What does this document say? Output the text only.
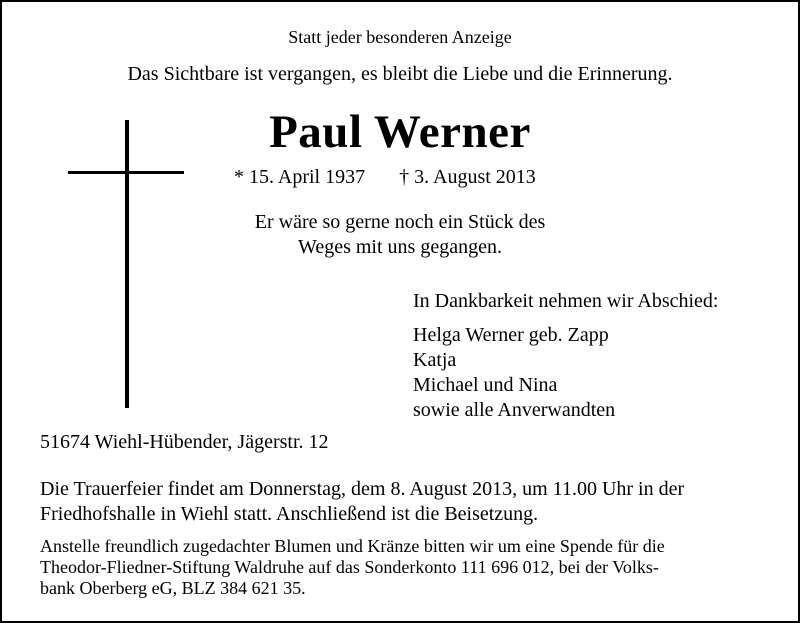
Statt jeder besonderen Anzeige
Das Sichtbare ist vergangen, es bleibt die Liebe und die Erinnerung.
Paul Werner
* 15. April 1937 † 3. August 2013
Er wäre so gerne noch ein Stück des
Weges mit uns gegangen.
In Dankbarkeit nehmen wir Abschied:
Helga Werner geb. Zapp
Katja
Michael und Nina
sowie alle Anverwandten
51674 Wiehl-Hübender, Jägerstr. 12
Die Trauerfeier findet am Donnerstag, dem 8. August 2013, um 11.00 Uhr in der
Friedhofshalle in Wiehl statt. Anschließend ist die Beisetzung.
Anstelle freundlich zugedachter Blumen und Kränze bitten wir um eine Spende für die
Theodor-Fliedner-Stiftung Waldruhe auf das Sonderkonto 111 696 012, bei der Volks-
bank Oberberg eG, BLZ 384 621 35.
